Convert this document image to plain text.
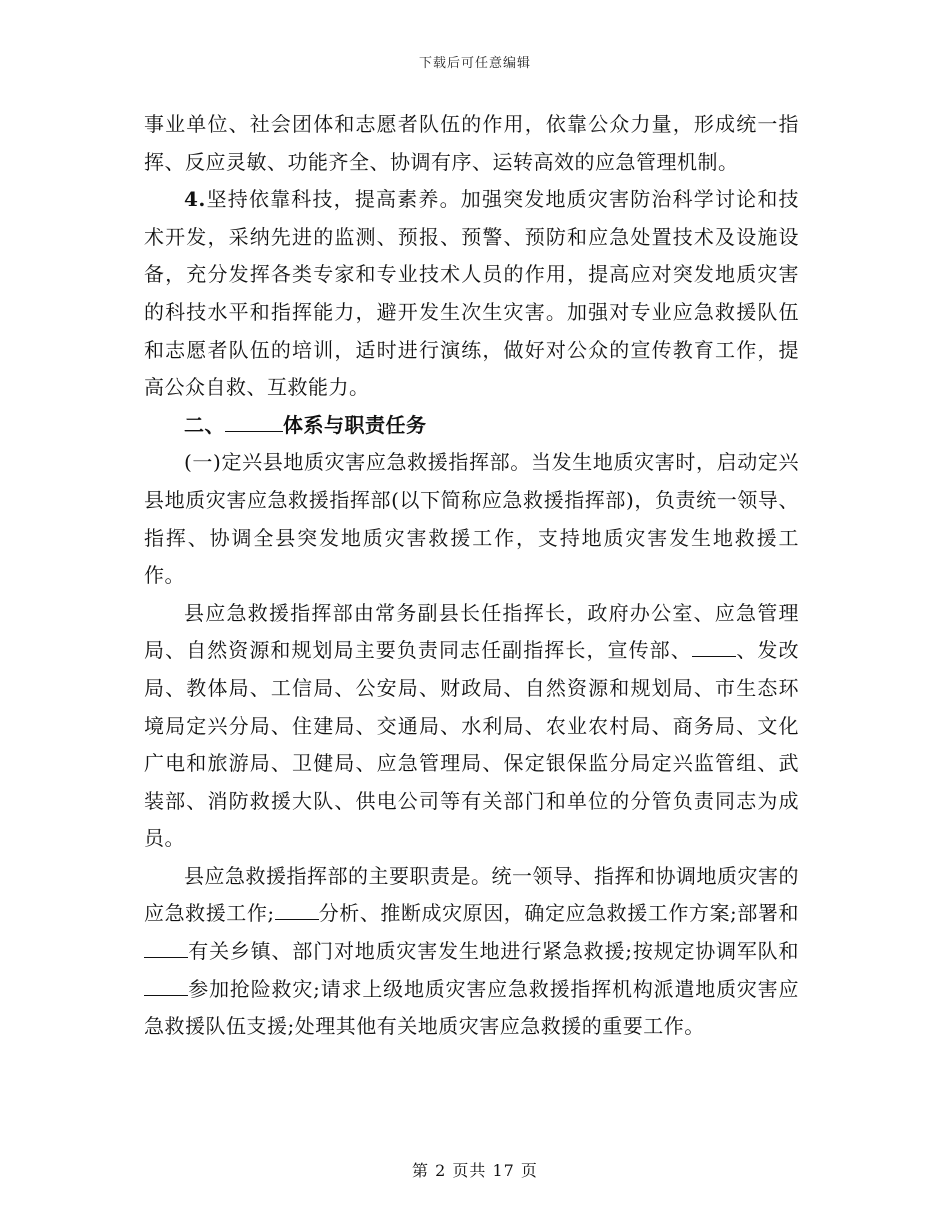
下载后可任意编辑

事业单位、社会团体和志愿者队伍的作用，依靠公众力量，形成统一指挥、反应灵敏、功能齐全、协调有序、运转高效的应急管理机制。

4.坚持依靠科技，提高素养。加强突发地质灾害防治科学讨论和技术开发，采纳先进的监测、预报、预警、预防和应急处置技术及设施设备，充分发挥各类专家和专业技术人员的作用，提高应对突发地质灾害的科技水平和指挥能力，避开发生次生灾害。加强对专业应急救援队伍和志愿者队伍的培训，适时进行演练，做好对公众的宣传教育工作，提高公众自救、互救能力。

二、	体系与职责任务

(一)定兴县地质灾害应急救援指挥部。当发生地质灾害时，启动定兴县地质灾害应急救援指挥部(以下简称应急救援指挥部)，负责统一领导、指挥、协调全县突发地质灾害救援工作，支持地质灾害发生地救援工作。

县应急救援指挥部由常务副县长任指挥长，政府办公室、应急管理局、自然资源和规划局主要负责同志任副指挥长，宣传部、 、发改局、教体局、工信局、公安局、财政局、自然资源和规划局、市生态环境局定兴分局、住建局、交通局、水利局、农业农村局、商务局、文化广电和旅游局、卫健局、应急管理局、保定银保监分局定兴监管组、武装部、消防救援大队、供电公司等有关部门和单位的分管负责同志为成员。

县应急救援指挥部的主要职责是。统一领导、指挥和协调地质灾害的应急救援工作; 分析、推断成灾原因，确定应急救援工作方案;部署和有关乡镇、部门对地质灾害发生地进行紧急救援;按规定协调军队和参加抢险救灾;请求上级地质灾害应急救援指挥机构派遣地质灾害应急救援队伍支援;处理其他有关地质灾害应急救援的重要工作。

第 2 页共 17 页
